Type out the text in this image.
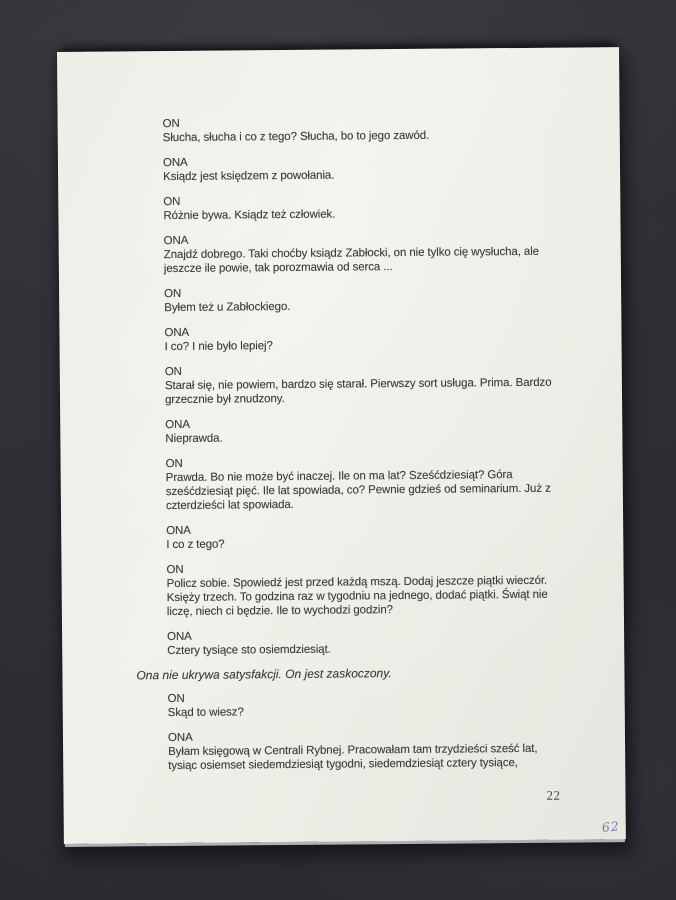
ON
Słucha, słucha i co z tego? Słucha, bo to jego zawód.
ONA
Ksiądz jest księdzem z powołania.
ON
Różnie bywa. Ksiądz też człowiek.
ONA
Znajdź dobrego. Taki choćby ksiądz Zabłocki, on nie tylko cię wysłucha, ale
jeszcze ile powie, tak porozmawia od serca ...
ON
Byłem też u Zabłockiego.
ONA
I co? I nie było lepiej?
ON
Starał się, nie powiem, bardzo się starał. Pierwszy sort usługa. Prima. Bardzo
grzecznie był znudzony.
ONA
Nieprawda.
ON
Prawda. Bo nie może być inaczej. Ile on ma lat? Sześćdziesiąt? Góra
sześćdziesiąt pięć. Ile lat spowiada, co? Pewnie gdzieś od seminarium. Już z
czterdzieści lat spowiada.
ONA
I co z tego?
ON
Policz sobie. Spowiedź jest przed każdą mszą. Dodaj jeszcze piątki wieczór.
Księży trzech. To godzina raz w tygodniu na jednego, dodać piątki. Świąt nie
liczę, niech ci będzie. Ile to wychodzi godzin?
ONA
Cztery tysiące sto osiemdziesiąt.
Ona nie ukrywa satysfakcji. On jest zaskoczony.
ON
Skąd to wiesz?
ONA
Byłam księgową w Centrali Rybnej. Pracowałam tam trzydzieści sześć lat,
tysiąc osiemset siedemdziesiąt tygodni, siedemdziesiąt cztery tysiące,
22
62
